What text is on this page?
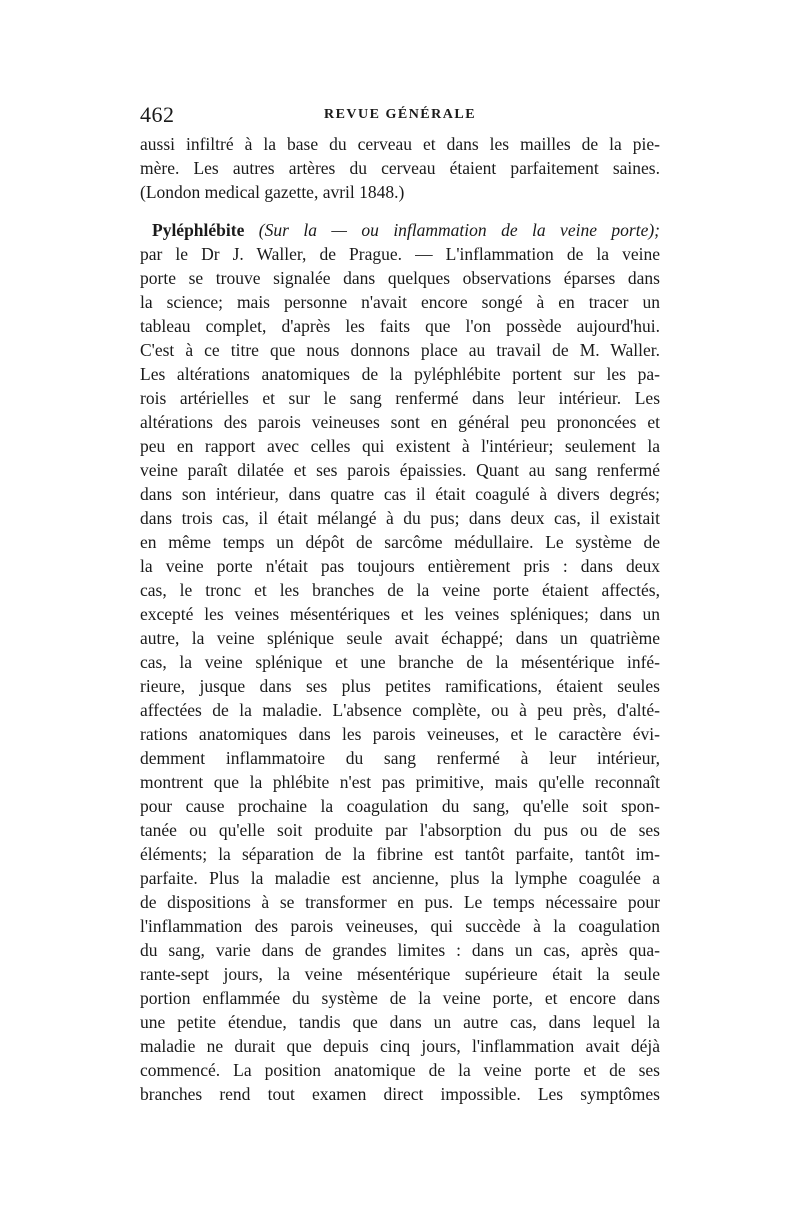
462	REVUE GÉNÉRALE
aussi infiltré à la base du cerveau et dans les mailles de la pie-
mère. Les autres artères du cerveau étaient parfaitement saines.
(London medical gazette, avril 1848.)
Pyléphlébite (Sur la — ou inflammation de la veine porte);
par le Dr J. Waller, de Prague. — L'inflammation de la veine
porte se trouve signalée dans quelques observations éparses dans
la science; mais personne n'avait encore songé à en tracer un
tableau complet, d'après les faits que l'on possède aujourd'hui.
C'est à ce titre que nous donnons place au travail de M. Waller.
Les altérations anatomiques de la pyléphlébite portent sur les pa-
rois artérielles et sur le sang renfermé dans leur intérieur. Les
altérations des parois veineuses sont en général peu prononcées et
peu en rapport avec celles qui existent à l'intérieur; seulement la
veine paraît dilatée et ses parois épaissies. Quant au sang renfermé
dans son intérieur, dans quatre cas il était coagulé à divers degrés;
dans trois cas, il était mélangé à du pus; dans deux cas, il existait
en même temps un dépôt de sarcôme médullaire. Le système de
la veine porte n'était pas toujours entièrement pris : dans deux
cas, le tronc et les branches de la veine porte étaient affectés,
excepté les veines mésentériques et les veines spléniques; dans un
autre, la veine splénique seule avait échappé; dans un quatrième
cas, la veine splénique et une branche de la mésentérique infé-
rieure, jusque dans ses plus petites ramifications, étaient seules
affectées de la maladie. L'absence complète, ou à peu près, d'alté-
rations anatomiques dans les parois veineuses, et le caractère évi-
demment inflammatoire du sang renfermé à leur intérieur,
montrent que la phlébite n'est pas primitive, mais qu'elle reconnaît
pour cause prochaine la coagulation du sang, qu'elle soit spon-
tanée ou qu'elle soit produite par l'absorption du pus ou de ses
éléments; la séparation de la fibrine est tantôt parfaite, tantôt im-
parfaite. Plus la maladie est ancienne, plus la lymphe coagulée a
de dispositions à se transformer en pus. Le temps nécessaire pour
l'inflammation des parois veineuses, qui succède à la coagulation
du sang, varie dans de grandes limites : dans un cas, après qua-
rante-sept jours, la veine mésentérique supérieure était la seule
portion enflammée du système de la veine porte, et encore dans
une petite étendue, tandis que dans un autre cas, dans lequel la
maladie ne durait que depuis cinq jours, l'inflammation avait déjà
commencé. La position anatomique de la veine porte et de ses
branches rend tout examen direct impossible. Les symptômes
